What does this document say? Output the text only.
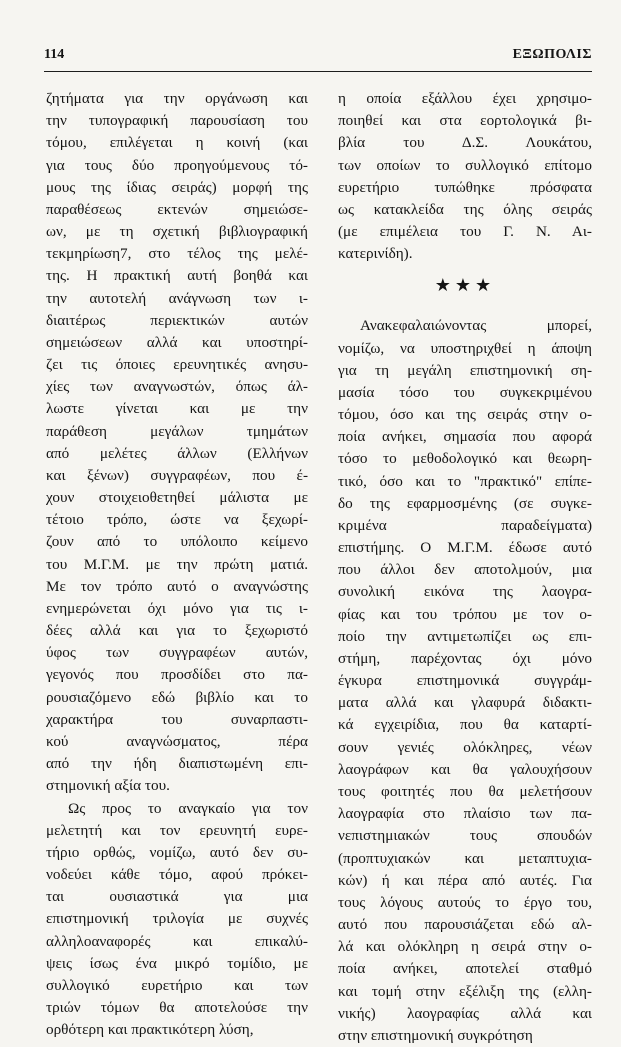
114	ΕΞΩΠΟΛΙΣ
ζητήματα για την οργάνωση και
την τυπογραφική παρουσίαση του
τόμου, επιλέγεται η κοινή (και
για τους δύο προηγούμενους τό-
μους της ίδιας σειράς) μορφή της
παραθέσεως εκτενών σημειώσε-
ων, με τη σχετική βιβλιογραφική
τεκμηρίωση7, στο τέλος της μελέ-
της. Η πρακτική αυτή βοηθά και
την αυτοτελή ανάγνωση των ι-
διαιτέρως περιεκτικών αυτών
σημειώσεων αλλά και υποστηρί-
ζει τις όποιες ερευνητικές ανησυ-
χίες των αναγνωστών, όπως άλ-
λωστε γίνεται και με την
παράθεση μεγάλων τμημάτων
από μελέτες άλλων (Ελλήνων
και ξένων) συγγραφέων, που έ-
χουν στοιχειοθετηθεί μάλιστα με
τέτοιο τρόπο, ώστε να ξεχωρί-
ζουν από το υπόλοιπο κείμενο
του Μ.Γ.Μ. με την πρώτη ματιά.
Με τον τρόπο αυτό ο αναγνώστης
ενημερώνεται όχι μόνο για τις ι-
δέες αλλά και για το ξεχωριστό
ύφος των συγγραφέων αυτών,
γεγονός που προσδίδει στο πα-
ρουσιαζόμενο εδώ βιβλίο και το
χαρακτήρα του συναρπαστι-
κού αναγνώσματος, πέρα
από την ήδη διαπιστωμένη επι-
στημονική αξία του.
Ως προς το αναγκαίο για τον
μελετητή και τον ερευνητή ευρε-
τήριο ορθώς, νομίζω, αυτό δεν συ-
νοδεύει κάθε τόμο, αφού πρόκει-
ται ουσιαστικά για μια
επιστημονική τριλογία με συχνές
αλληλοαναφορές και επικαλύ-
ψεις ίσως ένα μικρό τομίδιο, με
συλλογικό ευρετήριο και των
τριών τόμων θα αποτελούσε την
ορθότερη και πρακτικότερη λύση,
η οποία εξάλλου έχει χρησιμο-
ποιηθεί και στα εορτολογικά βι-
βλία του Δ.Σ. Λουκάτου,
των οποίων το συλλογικό επίτομο
ευρετήριο τυπώθηκε πρόσφατα
ως κατακλείδα της όλης σειράς
(με επιμέλεια του Γ. Ν. Αι-
κατερινίδη).
★★★
Ανακεφαλαιώνοντας μπορεί,
νομίζω, να υποστηριχθεί η άποψη
για τη μεγάλη επιστημονική ση-
μασία τόσο του συγκεκριμένου
τόμου, όσο και της σειράς στην ο-
ποία ανήκει, σημασία που αφορά
τόσο το μεθοδολογικό και θεωρη-
τικό, όσο και το "πρακτικό" επίπε-
δο της εφαρμοσμένης (σε συγκε-
κριμένα παραδείγματα)
επιστήμης. Ο Μ.Γ.Μ. έδωσε αυτό
που άλλοι δεν αποτολμούν, μια
συνολική εικόνα της λαογρα-
φίας και του τρόπου με τον ο-
ποίο την αντιμετωπίζει ως επι-
στήμη, παρέχοντας όχι μόνο
έγκυρα επιστημονικά συγγράμ-
ματα αλλά και γλαφυρά διδακτι-
κά εγχειρίδια, που θα καταρτί-
σουν γενιές ολόκληρες, νέων
λαογράφων και θα γαλουχήσουν
τους φοιτητές που θα μελετήσουν
λαογραφία στο πλαίσιο των πα-
νεπιστημιακών τους σπουδών
(προπτυχιακών και μεταπτυχια-
κών) ή και πέρα από αυτές. Για
τους λόγους αυτούς το έργο του,
αυτό που παρουσιάζεται εδώ αλ-
λά και ολόκληρη η σειρά στην ο-
ποία ανήκει, αποτελεί σταθμό
και τομή στην εξέλιξη της (ελλη-
νικής) λαογραφίας αλλά και
στην επιστημονική συγκρότηση
